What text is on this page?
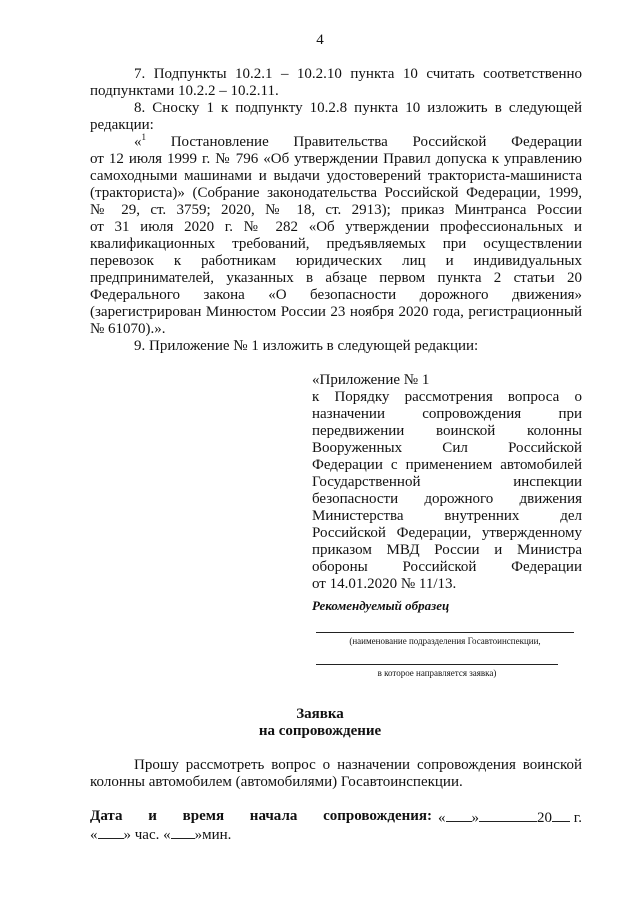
4
7. Подпункты 10.2.1 – 10.2.10 пункта 10 считать соответственно
подпунктами 10.2.2 – 10.2.11.
8. Сноску 1 к подпункту 10.2.8 пункта 10 изложить в следующей
редакции:
«$^1$ Постановление Правительства Российской Федерации
от 12 июля 1999 г. № 796 «Об утверждении Правил допуска к управлению
самоходными машинами и выдачи удостоверений тракториста-машиниста
(тракториста)» (Собрание законодательства Российской Федерации, 1999,
№ 29, ст. 3759; 2020, № 18, ст. 2913); приказ Минтранса России
от 31 июля 2020 г. № 282 «Об утверждении профессиональных и
квалификационных требований, предъявляемых при осуществлении
перевозок к работникам юридических лиц и индивидуальных
предпринимателей, указанных в абзаце первом пункта 2 статьи 20
Федерального закона «О безопасности дорожного движения»
(зарегистрирован Минюстом России 23 ноября 2020 года, регистрационный
№ 61070).».
9. Приложение № 1 изложить в следующей редакции:
«Приложение № 1
к Порядку рассмотрения вопроса о
назначении сопровождения при
передвижении воинской колонны
Вооруженных Сил Российской
Федерации с применением автомобилей
Государственной инспекции
безопасности дорожного движения
Министерства внутренних дел
Российской Федерации, утвержденному
приказом МВД России и Министра
обороны Российской Федерации
от 14.01.2020 № 11/13.
Рекомендуемый образец
(наименование подразделения Госавтоинспекции,
в которое направляется заявка)
Заявка
на сопровождение
Прошу рассмотреть вопрос о назначении сопровождения воинской
колонны автомобилем (автомобилями) Госавтоинспекции.
Дата и время начала сопровождения: « »	20 г.
« » час. « »мин.
